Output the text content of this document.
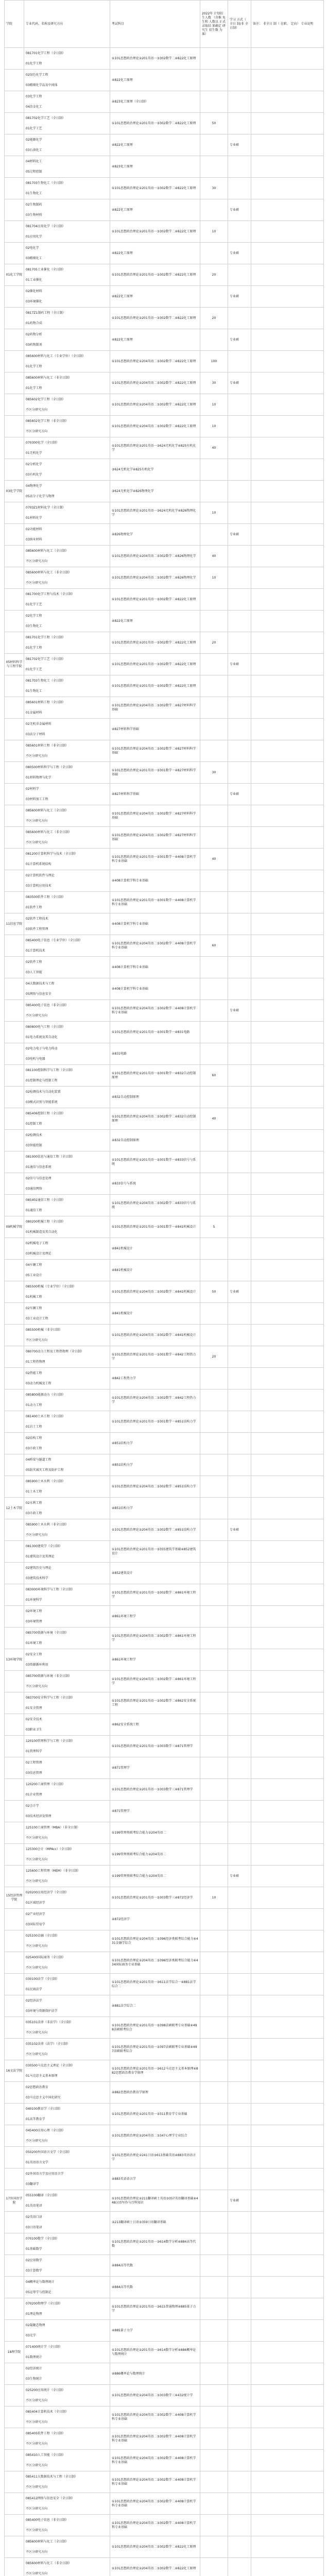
学院	专业代码、名称及研究方向	考试科目	2022年 计划招 生人数 （含推 免生和 人数以 正式 录取结 果确定 研究生 招生数 为准）	学习 方式（ 全日 制/非 全日制）	备注： 非全日 制（ 在职、 定向） 专业说明

	081701化学工程（全日制）
01化学工程	①101思想政治理论②201英语一③302数学二④822化工原理			

	02绿色化学工程
03精细化学品及中间体	④822化工原理			

	03化学工程
04冶金化工	④823化工原理（全日制）			

	081702化学工艺（全日制）
01化学工艺	①101思想政治理论②201英语一③302数学二④822化工原理	50		

	02能源化学
03石油化工	④822化工原理		专业硕	

	04材料化工
05过程控制	④823化工原理			

	081703生物化工（全日制）
01生物化工	①101思想政治理论②201英语一③302数学二④822化工原理	30		

	02生物制药
03生物材料	④822化工原理		专业硕	

	081704应用化学（全日制）
01应用化学	①101思想政治理论②201英语一③302数学二④822化工原理	10		

	02电化学
03精细化工	④822化工原理		专业硕	
01化工学院	081705工业催化（全日制）
01工业催化	①101思想政治理论②201英语一③302数学二④822化工原理	20		

	02催化材料
03环境催化	④822化工原理		专业硕	

	0817Z1制药工程（全日制）
01药物合成	①101思想政治理论②201英语一③302数学二④822化工原理	20		

	02药物分析
03药物制剂	④822化工原理		专业硕	

	085600材料与化工（专业学位）（全日制）
01化学工程	①101思想政治理论②204英语二③302数学二④822化工原理	100		

	085600材料与化工（非全日制）
01化学工程	①101思想政治理论②204英语二③302数学二④822化工原理	30	专业硕	

	085602化学工程（全日制）
不区分研究方向	①101思想政治理论②204英语二③302数学二④822化工原理	10		

	085602化学工程（非全日制）
不区分研究方向	①101思想政治理论②204英语二③302数学二④822化工原理	10		

	070300化学（全日制）
01无机化学	①101思想政治理论②201英语一③624无机化学④825有机化学	40		

	02分析化学
03有机化学	③624无机化学④825有机化学			
03化学学院	04物理化学
05高分子化学与物理	③624无机化学④826物理化学			

	0703Z1材料化学（全日制）
01材料化学	①101思想政治理论②201英语一③624无机化学④826物理化学	10		

	02功能材料
03纳米材料	④826物理化学		专业硕	

	085600材料与化工（全日制）
不区分研究方向	①101思想政治理论②204英语二③302数学二④826物理化学	40		

	085600材料与化工（非全日制）
不区分研究方向	①101思想政治理论②204英语二③302数学二④826物理化学	10		

	081700化学工程与技术（全日制）
01化学工艺	①101思想政治理论②201英语一③302数学二④822化工原理			

	02化学工程
03生物化工	④822化工原理			

	081701化学工程（全日制）
01化学工程	①101思想政治理论②201英语一③302数学二④822化工原理	20		
05材料科学与工程学院	081702化学工艺（全日制）
01化学工艺	①101思想政治理论②201英语一③302数学二④822化工原理		专业硕	

	081703生物化工（全日制）
01生物化工	①101思想政治理论②201英语一③302数学二④822化工原理			

	085601材料工程（全日制）
01金属材料	①101思想政治理论②204英语二③302数学二④827材料科学基础			

	02无机非金属材料
03高分子材料	④827材料科学基础			

	085601材料工程（非全日制）
不区分研究方向	①101思想政治理论②204英语二③302数学二④827材料科学基础			

	080500材料科学与工程（全日制）
01材料物理与化学	①101思想政治理论②201英语一③301数学一④827材料科学基础	30		

	02材料学
03材料加工工程	④827材料科学基础		专业硕	

	085600材料与化工（全日制）
不区分研究方向	①101思想政治理论②204英语二③302数学二④827材料科学基础			

	085600材料与化工（非全日制）
不区分研究方向	①101思想政治理论②204英语二③302数学二④827材料科学基础			

	081200计算机科学与技术（全日制）
01计算机系统结构	①101思想政治理论②201英语一③301数学一④408计算机学科专业基础	40		

	02计算机软件与理论
03计算机应用技术	④408计算机学科专业基础			

	083500软件工程（全日制）
01软件工程	①101思想政治理论②201英语一③301数学一④408计算机学科专业基础			
11信息学院	02软件工程技术
03软件工程管理	④408计算机学科专业基础			

	085400电子信息（专业学位）（全日制）
01计算机技术	①101思想政治理论②204英语二③302数学二④408计算机学科专业基础	60		

	02软件工程
03人工智能	④408计算机学科专业基础			

	04大数据技术与工程
05网络与信息安全	④408计算机学科专业基础			

	085400电子信息（非全日制）
不区分研究方向	①101思想政治理论②204英语二③302数学二④408计算机学科专业基础		专业硕	

	080800电气工程（全日制）
01电力系统及其自动化	①101思想政治理论②201英语一③301数学一④831电路			

	02电力电子与电力传动
03电机与电器	④831电路			

	081100控制科学与工程（全日制）
01控制理论与控制工程	①101思想政治理论②201英语一③301数学一④832自动控制原理	60		

	02检测技术与自动化装置
03模式识别与智能系统	④832自动控制原理			

	085406控制工程（全日制）
01控制工程	①101思想政治理论②204英语二③302数学二④832自动控制原理	40		

	02检测技术
03智能控制	④832自动控制原理			

	081000信息与通信工程（全日制）
01通信与信息系统	①101思想政治理论②201英语一③301数学一④833信号与系统			

	02信号与信息处理
03通信网络	④833信号与系统			

	085402通信工程（全日制）
01通信工程	①101思想政治理论②204英语二③302数学二④833信号与系统			
09机械学院	080200机械工程（全日制）
01机械制造及其自动化	①101思想政治理论②201英语一③301数学一④841机械设计	5		

	02机械电子工程
03机械设计及理论	④841机械设计			

	04车辆工程
05工业设计	④841机械设计			

	085500机械（专业学位）（全日制）
01机械工程	①101思想政治理论②204英语二③302数学二④841机械设计	50	专业硕	

	02车辆工程
03工业设计工程	④841机械设计			

	085500机械（非全日制）
不区分研究方向	①101思想政治理论②204英语二③302数学二④841机械设计			

	080700动力工程及工程热物理（全日制）
01工程热物理	①101思想政治理论②201英语一③301数学一④842工程热力学	20		

	02热能工程
03动力机械及工程	④842工程热力学			

	085800能源动力（全日制）
01动力工程	①101思想政治理论②204英语二③302数学二④842工程热力学			

	081400土木工程（全日制）
01岩土工程	①101思想政治理论②201英语一③301数学一④851结构力学			

	02结构工程
03市政工程	④851结构力学			

	04桥梁与隧道工程
05防灾减灾工程及防护工程	④851结构力学			

	085900土木水利（全日制）
01土木工程	①101思想政治理论②204英语二③302数学二④851结构力学			
12土木学院	02水利工程
03市政工程	④851结构力学			

	085900土木水利（非全日制）
不区分研究方向	①101思想政治理论②204英语二③302数学二④851结构力学		专业硕	

	081300建筑学（全日制）
01建筑设计及其理论	①101思想政治理论②201英语一③355建筑学基础④852建筑设计			

	02建筑历史与理论
03建筑技术科学	④852建筑设计			

	083000环境科学与工程（全日制）
01环境科学	①101思想政治理论②201英语一③302数学二④861环境工程学			

	02环境工程
03环境管理	④861环境工程学			

	085700资源与环境（全日制）
01环境工程	①101思想政治理论②204英语二③302数学二④861环境工程学			
13环境学院	02安全工程
03资源循环利用	④861环境工程学			

	085700资源与环境（非全日制）
不区分研究方向	①101思想政治理论②204英语二③302数学二④861环境工程学			

	083700安全科学与工程（全日制）
01安全管理	①101思想政治理论②201英语一③302数学二④862安全系统工程			

	02安全技术
03职业卫生	④862安全系统工程			

	120100管理科学与工程（全日制）
01管理科学	①101思想政治理论②201英语一③303数学三④871管理学			

	02工程管理
03信息管理	④871管理学			

	120200工商管理（全日制）
01企业管理	①101思想政治理论②201英语一③303数学三④871管理学			

	02会计学
03技术经济及管理	④871管理学			

	125100工商管理（MBA）（非全日制）
不区分研究方向	①199管理类联考综合能力②204英语二			

	125300会计（MPAcc）（全日制）
不区分研究方向	①199管理类联考综合能力②204英语二			

	125600工程管理（MEM）（非全日制）
不区分研究方向	①199管理类联考综合能力②204英语二		专业硕	
15经济管理学院	020200应用经济学（全日制）
01区域经济学	①101思想政治理论②201英语一③303数学三④872经济学	10		

	02产业经济学
03国际贸易学	④872经济学			

	025100金融（全日制）
不区分研究方向	①101思想政治理论②204英语二③396经济类联考综合能力④431金融学综合			

	025400国际商务（全日制）
不区分研究方向	①101思想政治理论②204英语二③396经济类联考综合能力④434国际商务专业基础			

	030100法学（全日制）
01民商法学	①101思想政治理论②201英语一③611法学综合一④881法学综合二			

	02经济法学
03环境与资源保护法学	④881法学综合二			

	035101法律（非法学）（全日制）
不区分研究方向	①101思想政治理论②201英语一③398法硕联考专业基础④498法硕联考综合			

	035102法律（法学）（全日制）
不区分研究方向	①101思想政治理论②201英语一③397法硕联考专业基础④497法硕联考综合			
16文法学院	030500马克思主义理论（全日制）
01马克思主义基本原理	①101思想政治理论②201英语一③612马克思主义基本原理④882思想政治教育学原理			

	02思想政治教育
03马克思主义中国化研究	④882思想政治教育学原理			

	040100教育学（全日制）
01高等教育学	①101思想政治理论②201英语一③311教育学专业基础			

	045400应用心理（全日制）
不区分研究方向	①101思想政治理论②204英语二③347心理学专业综合			

	050200外国语言文学（全日制）
01英语语言文学	①101思想政治理论②241日语③613基础英语④883英语语言学			

	02外国语言学及应用语言学
03翻译学	④883英语语言学			
17外国语学院	055100翻译（全日制）
01英语笔译	①101思想政治理论②211翻译硕士英语③357英语翻译基础④448汉语写作与百科知识		专业硕	

	02英语口译
03日语笔译	②213翻译硕士日语③359日语翻译基础			

	070100数学（全日制）
01基础数学	①101思想政治理论②201英语一③614数学分析④884高等代数			

	02应用数学
03计算数学	④884高等代数			

	04概率论与数理统计
05运筹学与控制论	④884高等代数			

	070200物理学（全日制）
01理论物理	①101思想政治理论②201英语一③615普通物理④885量子力学			

	02凝聚态物理
03光学	④885量子力学			
18理学院	071400统计学（全日制）
01数理统计	①101思想政治理论②201英语一③614数学分析④886概率论与数理统计			

	02经济统计
03生物统计	④886概率论与数理统计			

	025200应用统计（全日制）
不区分研究方向	①101思想政治理论②204英语二③303数学三④432统计学			

	085404计算机技术（全日制）
不区分研究方向	①101思想政治理论②204英语二③302数学二④408计算机学科专业基础			

	085405软件工程（全日制）
不区分研究方向	①101思想政治理论②204英语二③302数学二④408计算机学科专业基础			

	085410人工智能（全日制）
不区分研究方向	①101思想政治理论②204英语二③302数学二④408计算机学科专业基础			

	085411大数据技术与工程（全日制）
不区分研究方向	①101思想政治理论②204英语二③302数学二④408计算机学科专业基础			

	085412网络与信息安全（全日制）
不区分研究方向	①101思想政治理论②204英语二③302数学二④408计算机学科专业基础			

	085400电子信息（非全日制）
不区分研究方向	①101思想政治理论②204英语二③302数学二④408计算机学科专业基础			

	085600材料与化工（全日制）
不区分研究方向	①101思想政治理论②204英语二③302数学二④822化工原理			

	085600材料与化工（非全日制）
不区分研究方向	①101思想政治理论②204英语二③302数学二④822化工原理			
